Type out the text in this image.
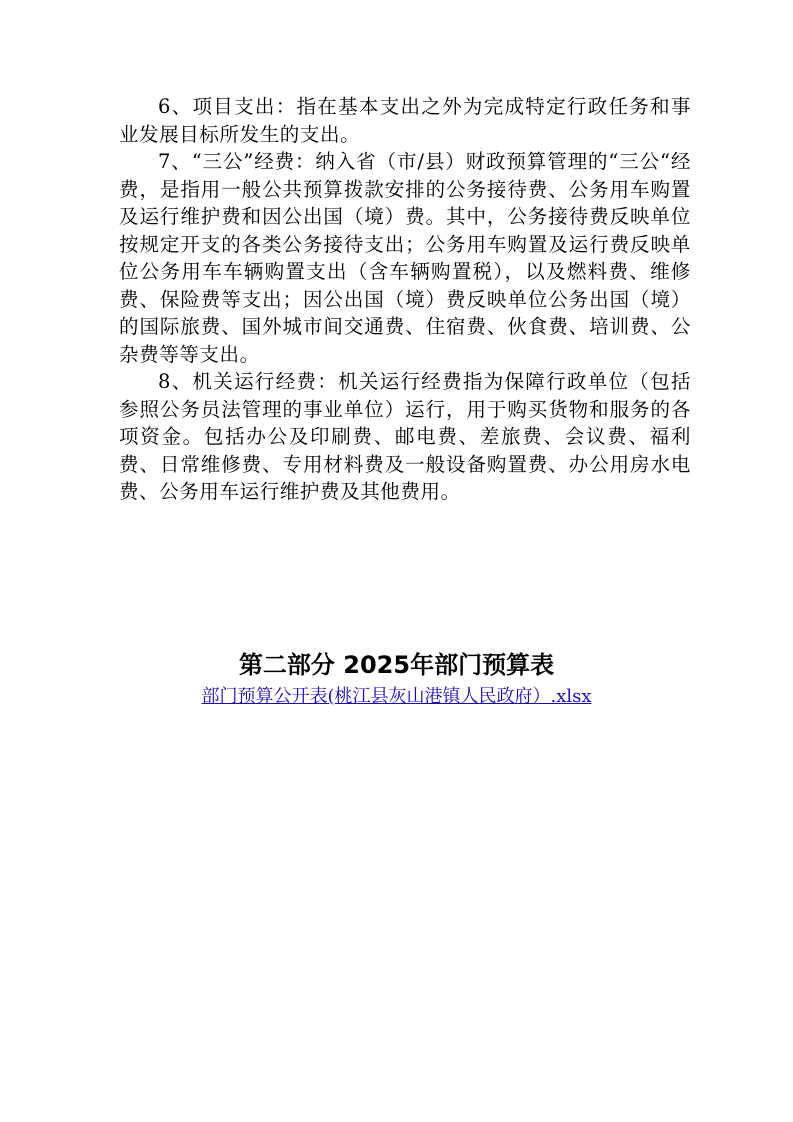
6、项目支出：指在基本支出之外为完成特定行政任务和事业发展目标所发生的支出。

7、“三公”经费：纳入省（市/县）财政预算管理的“三公“经费，是指用一般公共预算拨款安排的公务接待费、公务用车购置及运行维护费和因公出国（境）费。其中，公务接待费反映单位按规定开支的各类公务接待支出；公务用车购置及运行费反映单位公务用车车辆购置支出（含车辆购置税），以及燃料费、维修费、保险费等支出；因公出国（境）费反映单位公务出国（境）的国际旅费、国外城市间交通费、住宿费、伙食费、培训费、公杂费等等支出。

8、机关运行经费：机关运行经费指为保障行政单位（包括参照公务员法管理的事业单位）运行，用于购买货物和服务的各项资金。包括办公及印刷费、邮电费、差旅费、会议费、福利费、日常维修费、专用材料费及一般设备购置费、办公用房水电费、公务用车运行维护费及其他费用。

第二部分 2025年部门预算表
部门预算公开表(桃江县灰山港镇人民政府）.xlsx
